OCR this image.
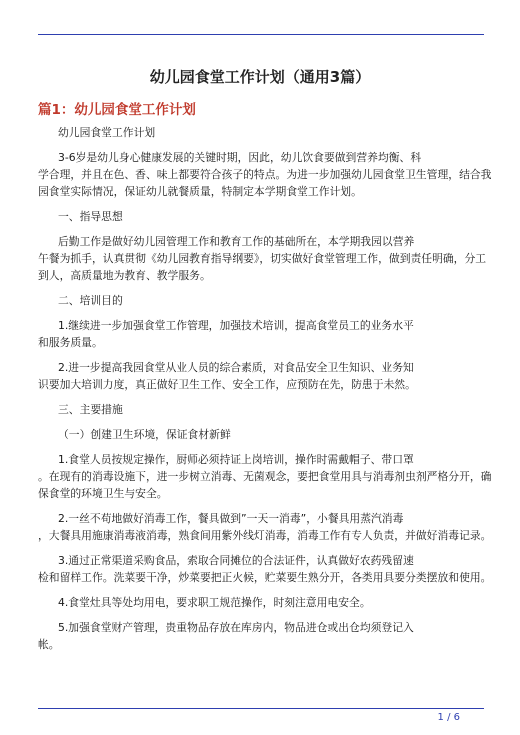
幼儿园食堂工作计划（通用3篇）
篇1：幼儿园食堂工作计划
幼儿园食堂工作计划
3-6岁是幼儿身心健康发展的关键时期，因此，幼儿饮食要做到营养均衡、科
学合理，并且在色、香、味上都要符合孩子的特点。为进一步加强幼儿园食堂卫生管理，结合我
园食堂实际情况，保证幼儿就餐质量，特制定本学期食堂工作计划。
一、指导思想
后勤工作是做好幼儿园管理工作和教育工作的基础所在，本学期我园以营养
午餐为抓手，认真贯彻《幼儿园教育指导纲要》，切实做好食堂管理工作，做到责任明确，分工
到人，高质量地为教育、教学服务。
二、培训目的
1.继续进一步加强食堂工作管理，加强技术培训，提高食堂员工的业务水平
和服务质量。
2.进一步提高我园食堂从业人员的综合素质，对食品安全卫生知识、业务知
识要加大培训力度，真正做好卫生工作、安全工作，应预防在先，防患于未然。
三、主要措施
（一）创建卫生环境，保证食材新鲜
1.食堂人员按规定操作，厨师必须持证上岗培训，操作时需戴帽子、带口罩
。在现有的消毒设施下，进一步树立消毒、无菌观念，要把食堂用具与消毒剂虫剂严格分开，确
保食堂的环境卫生与安全。
2.一丝不苟地做好消毒工作，餐具做到”一天一消毒”，小餐具用蒸汽消毒
，大餐具用施康消毒液消毒，熟食间用紫外线灯消毒，消毒工作有专人负责，并做好消毒记录。
3.通过正常渠道采购食品，索取合同摊位的合法证件，认真做好农药残留速
检和留样工作。洗菜要干净，炒菜要把正火候，贮菜要生熟分开，各类用具要分类摆放和使用。
4.食堂灶具等处均用电，要求职工规范操作，时刻注意用电安全。
5.加强食堂财产管理，贵重物品存放在库房内，物品进仓或出仓均须登记入
帐。
1 / 6
